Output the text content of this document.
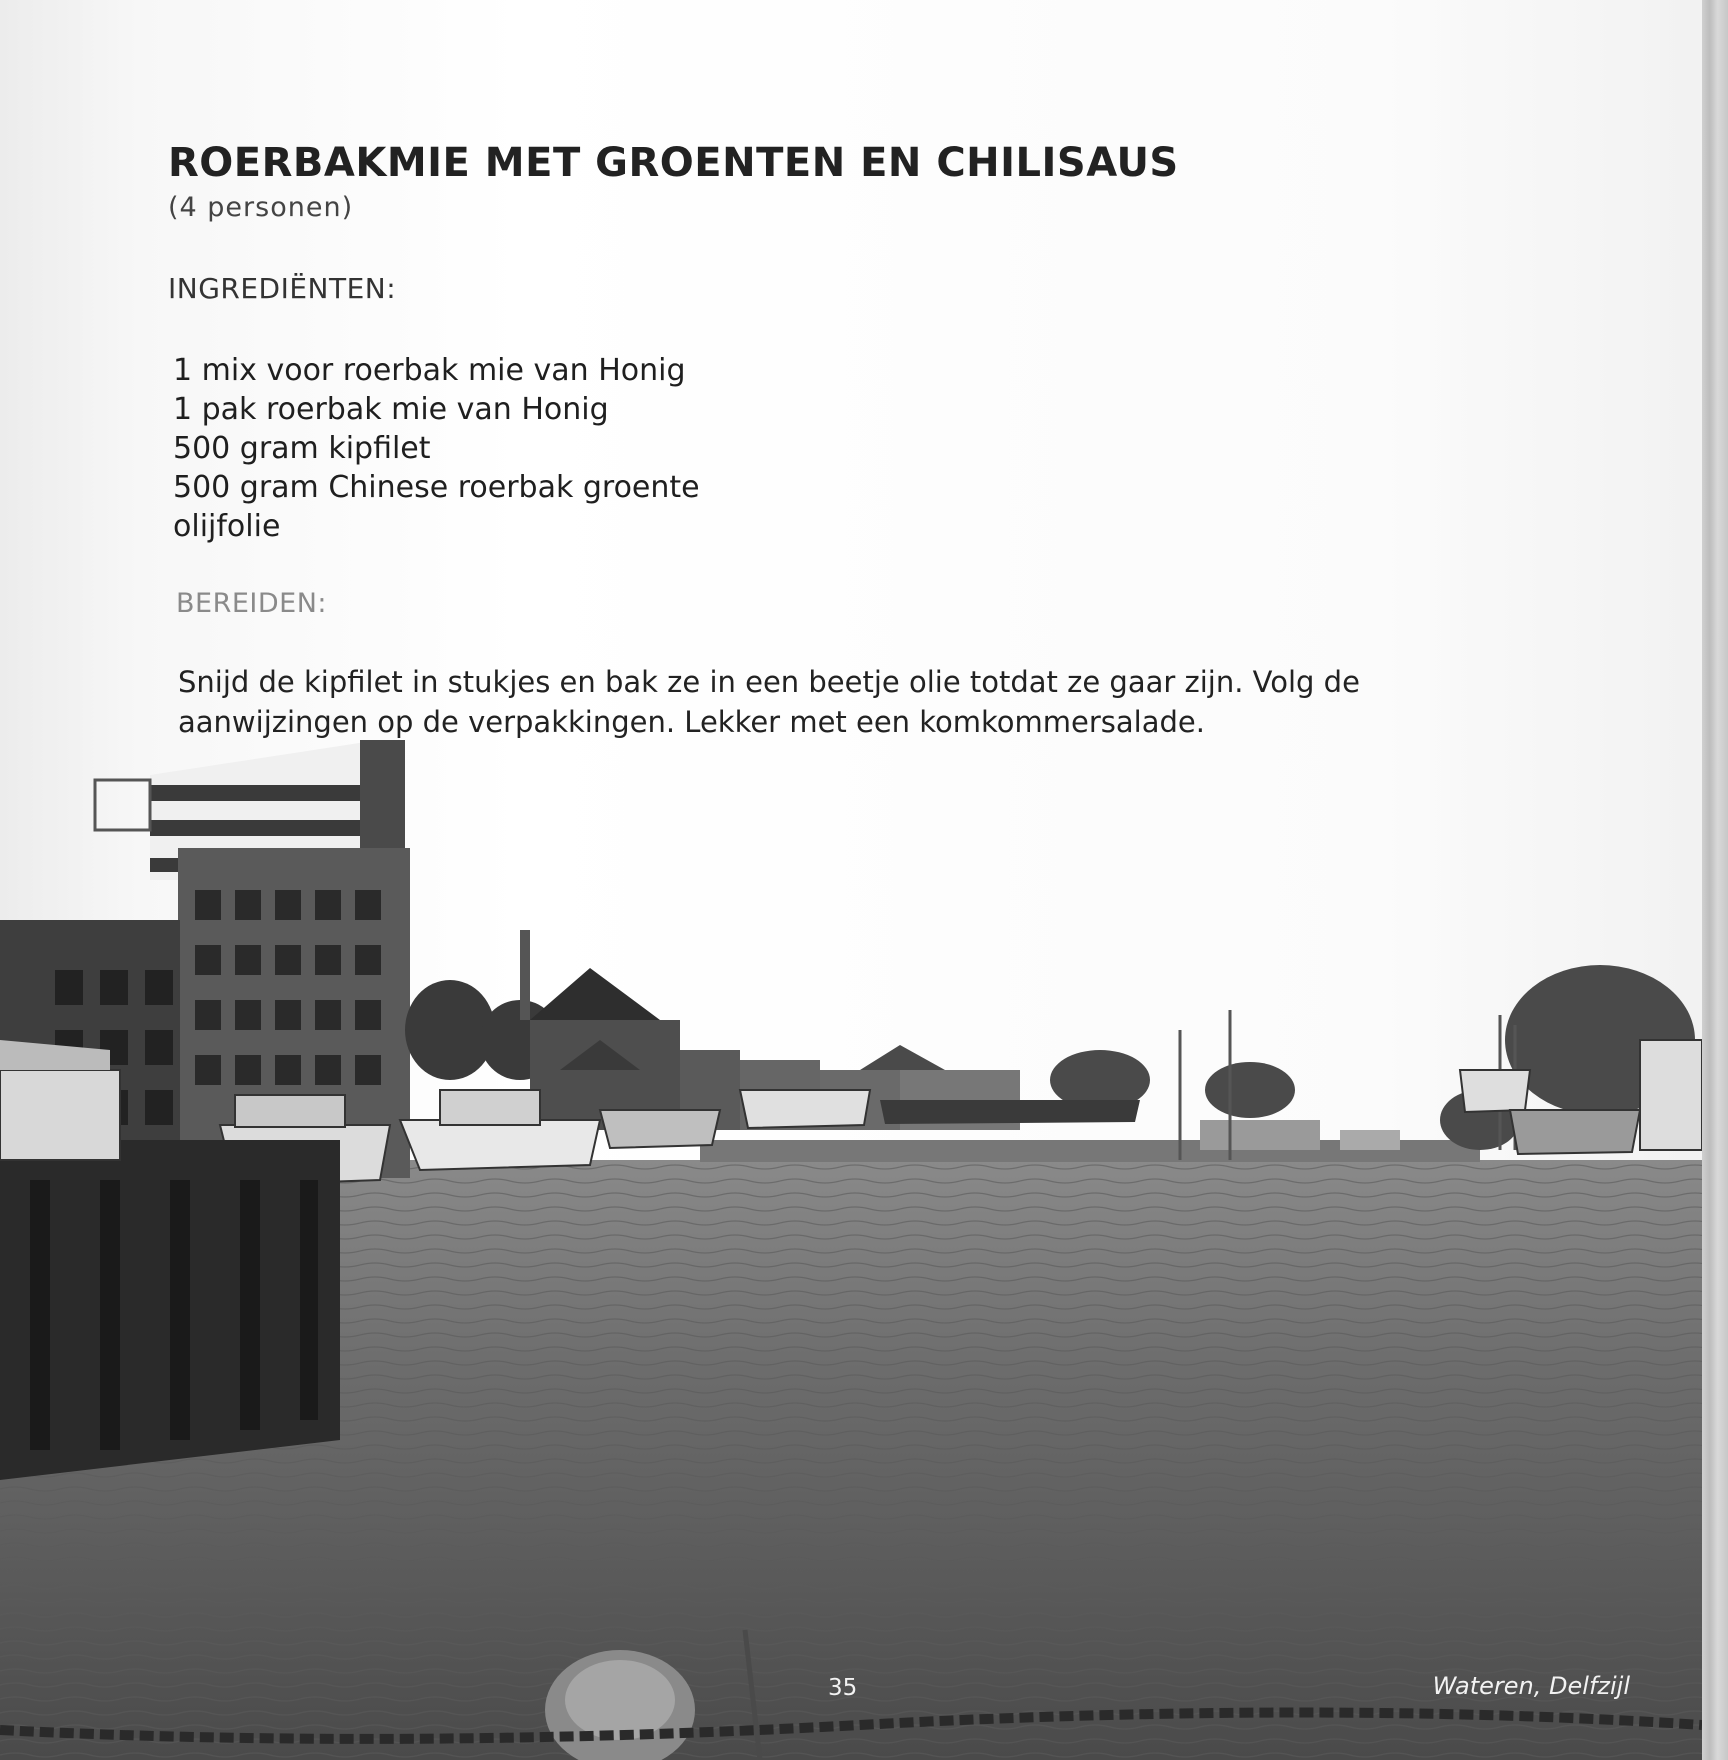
ROERBAKMIE MET GROENTEN EN CHILISAUS
(4 personen)
INGREDIËNTEN:
1 mix voor roerbak mie van Honig
1 pak roerbak mie van Honig
500 gram kipfilet
500 gram Chinese roerbak groente
olijfolie
BEREIDEN:
Snijd de kipfilet in stukjes en bak ze in een beetje olie totdat ze gaar zijn. Volg de aanwijzingen op de verpakkingen. Lekker met een komkommersalade.
35	Wateren, Delfzijl
